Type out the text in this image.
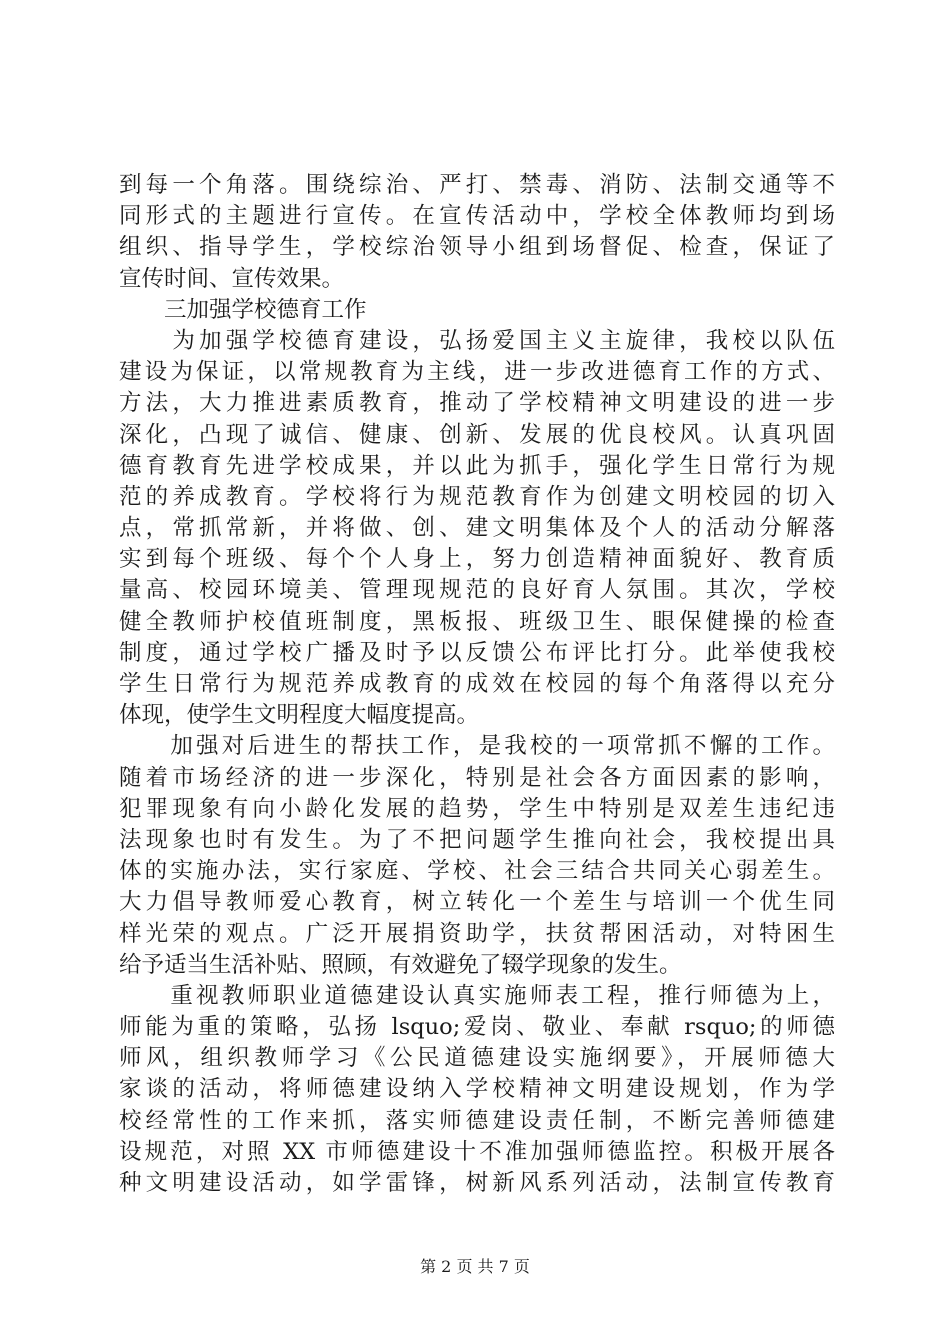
到每一个角落。围绕综治、严打、禁毒、消防、法制交通等不
同形式的主题进行宣传。在宣传活动中，学校全体教师均到场
组织、指导学生，学校综治领导小组到场督促、检查，保证了
宣传时间、宣传效果。
　　三加强学校德育工作
　　为加强学校德育建设，弘扬爱国主义主旋律，我校以队伍
建设为保证，以常规教育为主线，进一步改进德育工作的方式、
方法，大力推进素质教育，推动了学校精神文明建设的进一步
深化，凸现了诚信、健康、创新、发展的优良校风。认真巩固
德育教育先进学校成果，并以此为抓手，强化学生日常行为规
范的养成教育。学校将行为规范教育作为创建文明校园的切入
点，常抓常新，并将做、创、建文明集体及个人的活动分解落
实到每个班级、每个个人身上，努力创造精神面貌好、教育质
量高、校园环境美、管理现规范的良好育人氛围。其次，学校
健全教师护校值班制度，黑板报、班级卫生、眼保健操的检查
制度，通过学校广播及时予以反馈公布评比打分。此举使我校
学生日常行为规范养成教育的成效在校园的每个角落得以充分
体现，使学生文明程度大幅度提高。
　　加强对后进生的帮扶工作，是我校的一项常抓不懈的工作。
随着市场经济的进一步深化，特别是社会各方面因素的影响，
犯罪现象有向小龄化发展的趋势，学生中特别是双差生违纪违
法现象也时有发生。为了不把问题学生推向社会，我校提出具
体的实施办法，实行家庭、学校、社会三结合共同关心弱差生。
大力倡导教师爱心教育，树立转化一个差生与培训一个优生同
样光荣的观点。广泛开展捐资助学，扶贫帮困活动，对特困生
给予适当生活补贴、照顾，有效避免了辍学现象的发生。
　　重视教师职业道德建设认真实施师表工程，推行师德为上，
师能为重的策略，弘扬 lsquo;爱岗、敬业、奉献 rsquo;的师德
师风，组织教师学习《公民道德建设实施纲要》，开展师德大
家谈的活动，将师德建设纳入学校精神文明建设规划，作为学
校经常性的工作来抓，落实师德建设责任制，不断完善师德建
设规范，对照 XX 市师德建设十不准加强师德监控。积极开展各
种文明建设活动，如学雷锋，树新风系列活动，法制宣传教育
第 2 页 共 7 页
